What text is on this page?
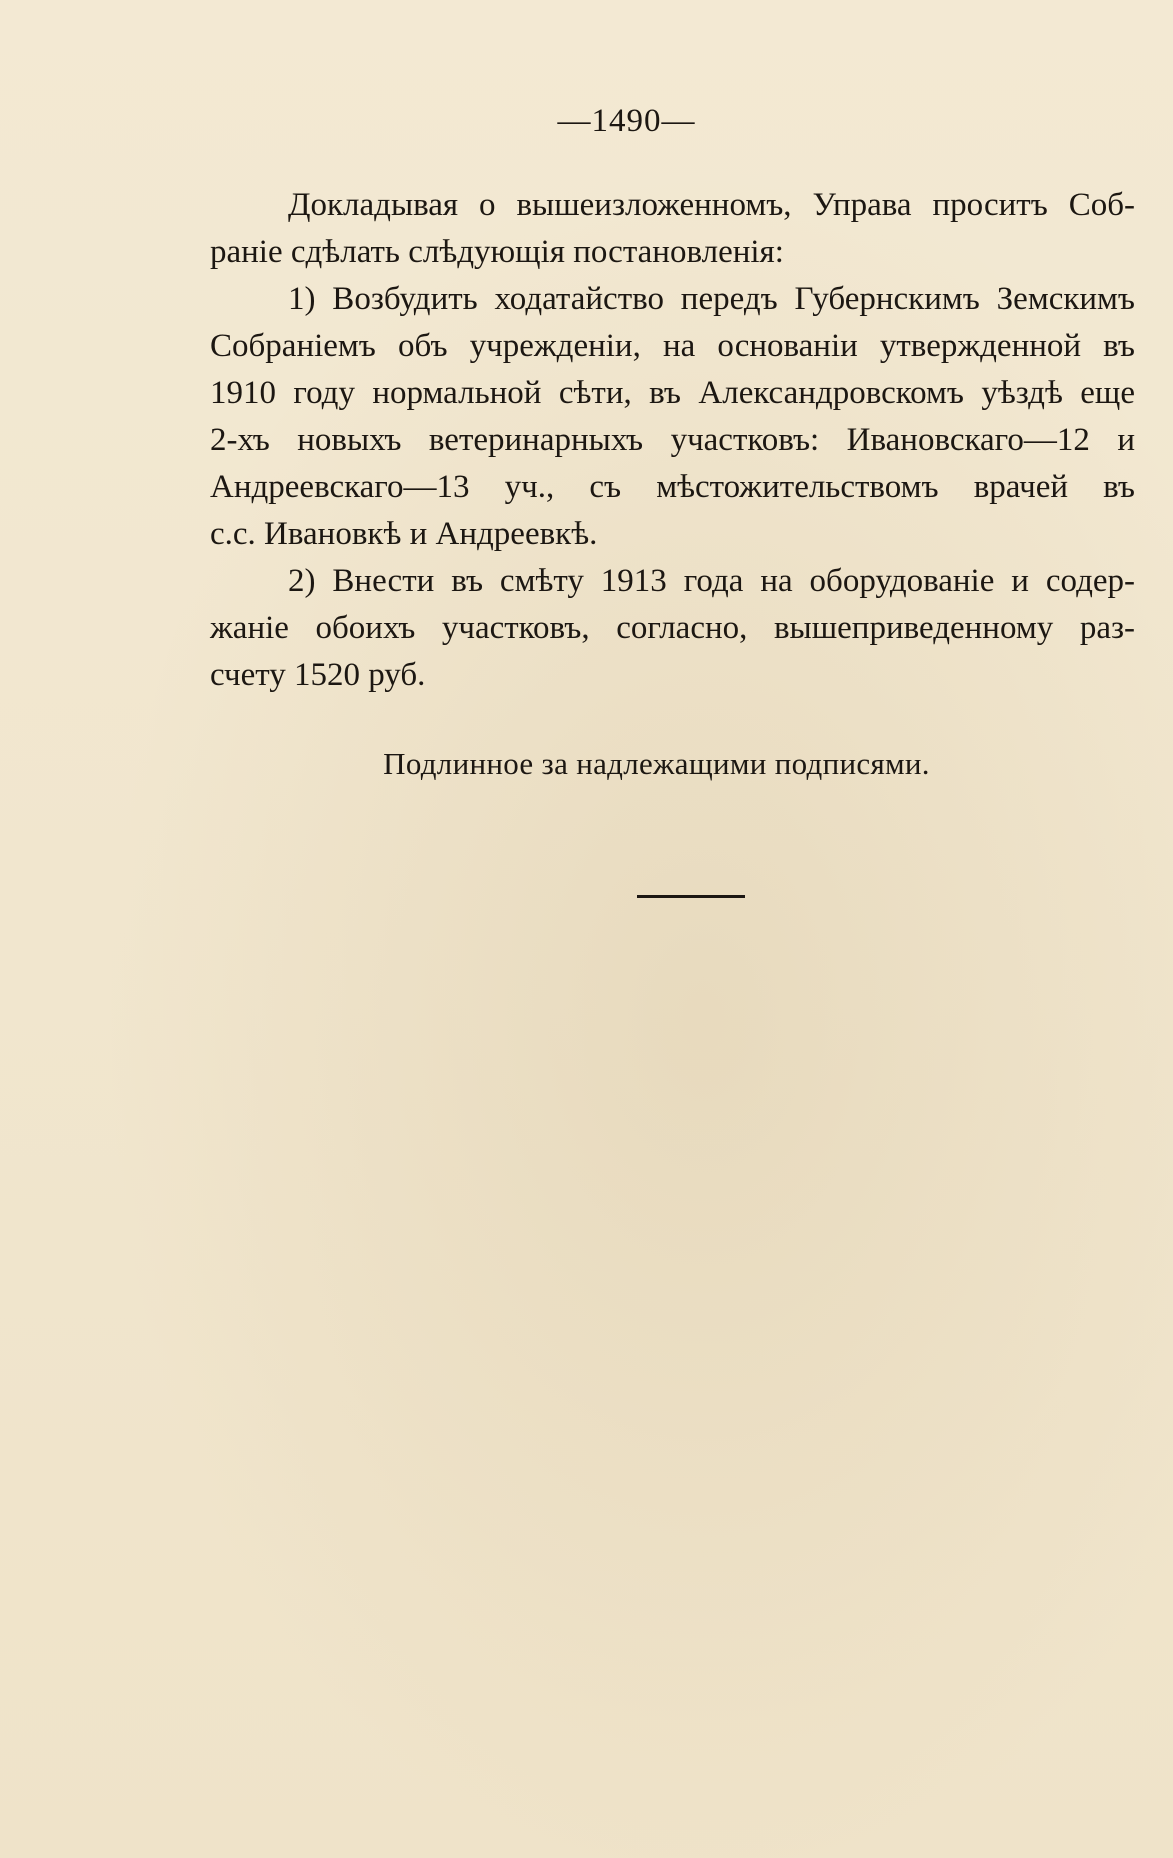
—1490—
Докладывая о вышеизложенномъ, Управа проситъ Соб-
раніе сдѣлать слѣдующія постановленія:
1) Возбудить ходатайство передъ Губернскимъ Земскимъ
Собраніемъ объ учрежденіи, на основаніи утвержденной въ
1910 году нормальной сѣти, въ Александровскомъ уѣздѣ еще
2-хъ новыхъ ветеринарныхъ участковъ: Ивановскаго—12 и
Андреевскаго—13 уч., съ мѣстожительствомъ врачей въ
с.с. Ивановкѣ и Андреевкѣ.
2) Внести въ смѣту 1913 года на оборудованіе и содер-
жаніе обоихъ участковъ, согласно, вышеприведенному раз-
счету 1520 руб.
Подлинное за надлежащими подписями.
